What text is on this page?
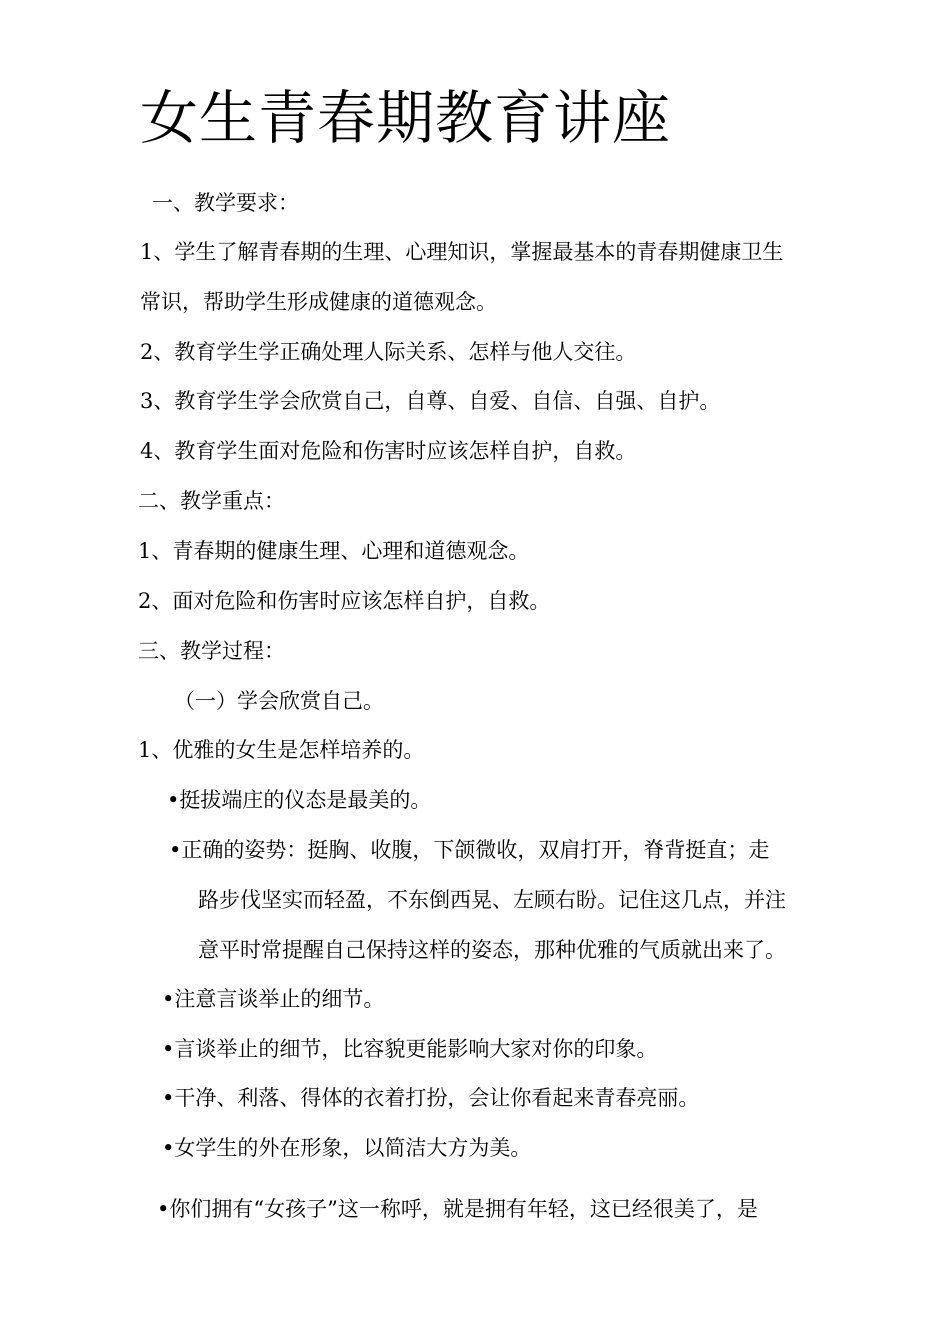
女生青春期教育讲座
一、教学要求：
1、学生了解青春期的生理、心理知识，掌握最基本的青春期健康卫生
常识，帮助学生形成健康的道德观念。
2、教育学生学正确处理人际关系、怎样与他人交往。
3、教育学生学会欣赏自己，自尊、自爱、自信、自强、自护。
4、教育学生面对危险和伤害时应该怎样自护，自救。
二、教学重点：
1、青春期的健康生理、心理和道德观念。
2、面对危险和伤害时应该怎样自护，自救。
三、教学过程：
（一）学会欣赏自己。
1、优雅的女生是怎样培养的。
•挺拔端庄的仪态是最美的。
•正确的姿势：挺胸、收腹，下颌微收，双肩打开，脊背挺直；走
路步伐坚实而轻盈，不东倒西晃、左顾右盼。记住这几点，并注
意平时常提醒自己保持这样的姿态，那种优雅的气质就出来了。
•注意言谈举止的细节。
•言谈举止的细节，比容貌更能影响大家对你的印象。
•干净、利落、得体的衣着打扮，会让你看起来青春亮丽。
•女学生的外在形象，以简洁大方为美。
•你们拥有“女孩子”这一称呼，就是拥有年轻，这已经很美了，是
